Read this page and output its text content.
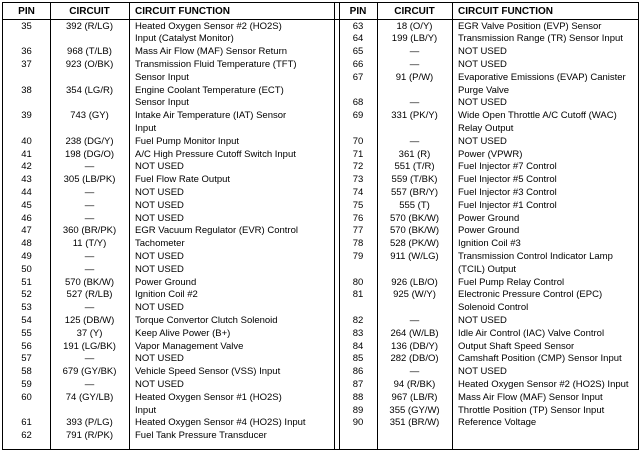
PIN	CIRCUIT	CIRCUIT FUNCTION	PIN	CIRCUIT	CIRCUIT FUNCTION
35	392 (R/LG)	Heated Oxygen Sensor #2 (HO2S)
Input (Catalyst Monitor)
36	968 (T/LB)	Mass Air Flow (MAF) Sensor Return
37	923 (O/BK)	Transmission Fluid Temperature (TFT)
Sensor Input
38	354 (LG/R)	Engine Coolant Temperature (ECT)
Sensor Input
39	743 (GY)	Intake Air Temperature (IAT) Sensor
Input
40	238 (DG/Y)	Fuel Pump Monitor Input
41	198 (DG/O)	A/C High Pressure Cutoff Switch Input
42	—	NOT USED
43	305 (LB/PK)	Fuel Flow Rate Output
44	—	NOT USED
45	—	NOT USED
46	—	NOT USED
47	360 (BR/PK)	EGR Vacuum Regulator (EVR) Control
48	11 (T/Y)	Tachometer
49	—	NOT USED
50	—	NOT USED
51	570 (BK/W)	Power Ground
52	527 (R/LB)	Ignition Coil #2
53	—	NOT USED
54	125 (DB/W)	Torque Convertor Clutch Solenoid
55	37 (Y)	Keep Alive Power (B+)
56	191 (LG/BK)	Vapor Management Valve
57	—	NOT USED
58	679 (GY/BK)	Vehicle Speed Sensor (VSS) Input
59	—	NOT USED
60	74 (GY/LB)	Heated Oxygen Sensor #1 (HO2S)
Input
61	393 (P/LG)	Heated Oxygen Sensor #4 (HO2S) Input
62	791 (R/PK)	Fuel Tank Pressure Transducer
63	18 (O/Y)	EGR Valve Position (EVP) Sensor
64	199 (LB/Y)	Transmission Range (TR) Sensor Input
65	—	NOT USED
66	—	NOT USED
67	91 (P/W)	Evaporative Emissions (EVAP) Canister
Purge Valve
68	—	NOT USED
69	331 (PK/Y)	Wide Open Throttle A/C Cutoff (WAC)
Relay Output
70	—	NOT USED
71	361 (R)	Power (VPWR)
72	551 (T/R)	Fuel Injector #7 Control
73	559 (T/BK)	Fuel Injector #5 Control
74	557 (BR/Y)	Fuel Injector #3 Control
75	555 (T)	Fuel Injector #1 Control
76	570 (BK/W)	Power Ground
77	570 (BK/W)	Power Ground
78	528 (PK/W)	Ignition Coil #3
79	911 (W/LG)	Transmission Control Indicator Lamp
(TCIL) Output
80	926 (LB/O)	Fuel Pump Relay Control
81	925 (W/Y)	Electronic Pressure Control (EPC)
Solenoid Control
82	—	NOT USED
83	264 (W/LB)	Idle Air Control (IAC) Valve Control
84	136 (DB/Y)	Output Shaft Speed Sensor
85	282 (DB/O)	Camshaft Position (CMP) Sensor Input
86	—	NOT USED
87	94 (R/BK)	Heated Oxygen Sensor #2 (HO2S) Input
88	967 (LB/R)	Mass Air Flow (MAF) Sensor Input
89	355 (GY/W)	Throttle Position (TP) Sensor Input
90	351 (BR/W)	Reference Voltage
